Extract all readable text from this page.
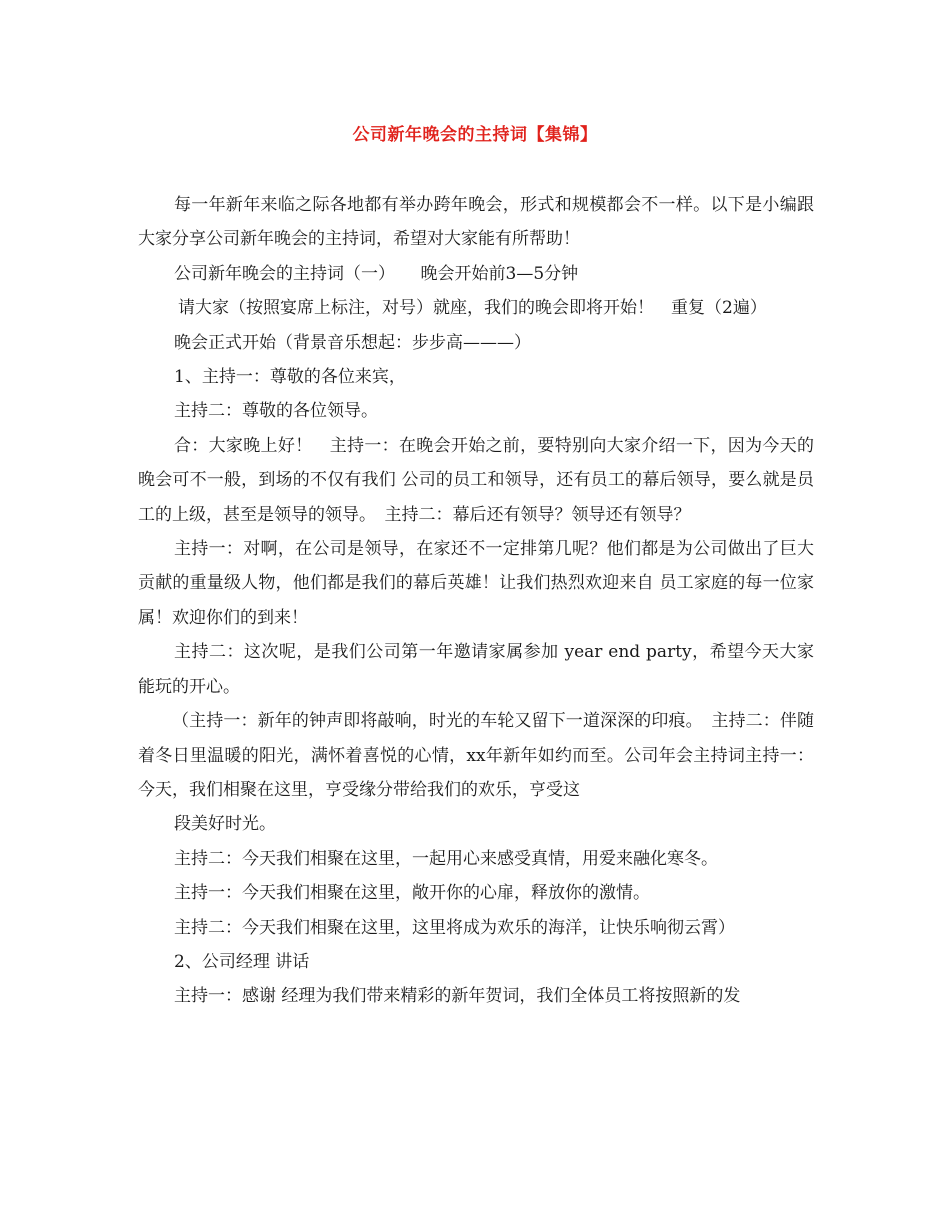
公司新年晚会的主持词【集锦】

每一年新年来临之际各地都有举办跨年晚会，形式和规模都会不一样。以下是小编跟大家分享公司新年晚会的主持词，希望对大家能有所帮助！

公司新年晚会的主持词（一）　　晚会开始前3—5分钟

请大家（按照宴席上标注，对号）就座，我们的晚会即将开始！　重复（2遍）

晚会正式开始（背景音乐想起：步步高———）

1、主持一：尊敬的各位来宾，

主持二：尊敬的各位领导。

合：大家晚上好！　主持一：在晚会开始之前，要特别向大家介绍一下，因为今天的晚会可不一般，到场的不仅有我们 公司的员工和领导，还有员工的幕后领导，要么就是员工的上级，甚至是领导的领导。　主持二：幕后还有领导？领导还有领导？

主持一：对啊，在公司是领导，在家还不一定排第几呢？他们都是为公司做出了巨大贡献的重量级人物，他们都是我们的幕后英雄！让我们热烈欢迎来自 员工家庭的每一位家属！欢迎你们的到来！

主持二：这次呢，是我们公司第一年邀请家属参加 year end party，希望今天大家能玩的开心。

（主持一：新年的钟声即将敲响，时光的车轮又留下一道深深的印痕。　主持二：伴随着冬日里温暖的阳光，满怀着喜悦的心情，xx年新年如约而至。公司年会主持词主持一：今天，我们相聚在这里，亨受缘分带给我们的欢乐，亨受这

段美好时光。

主持二：今天我们相聚在这里，一起用心来感受真情，用爱来融化寒冬。

主持一：今天我们相聚在这里，敞开你的心扉，释放你的激情。

主持二：今天我们相聚在这里，这里将成为欢乐的海洋，让快乐响彻云霄）

2、公司经理 讲话

主持一：感谢 经理为我们带来精彩的新年贺词，我们全体员工将按照新的发
